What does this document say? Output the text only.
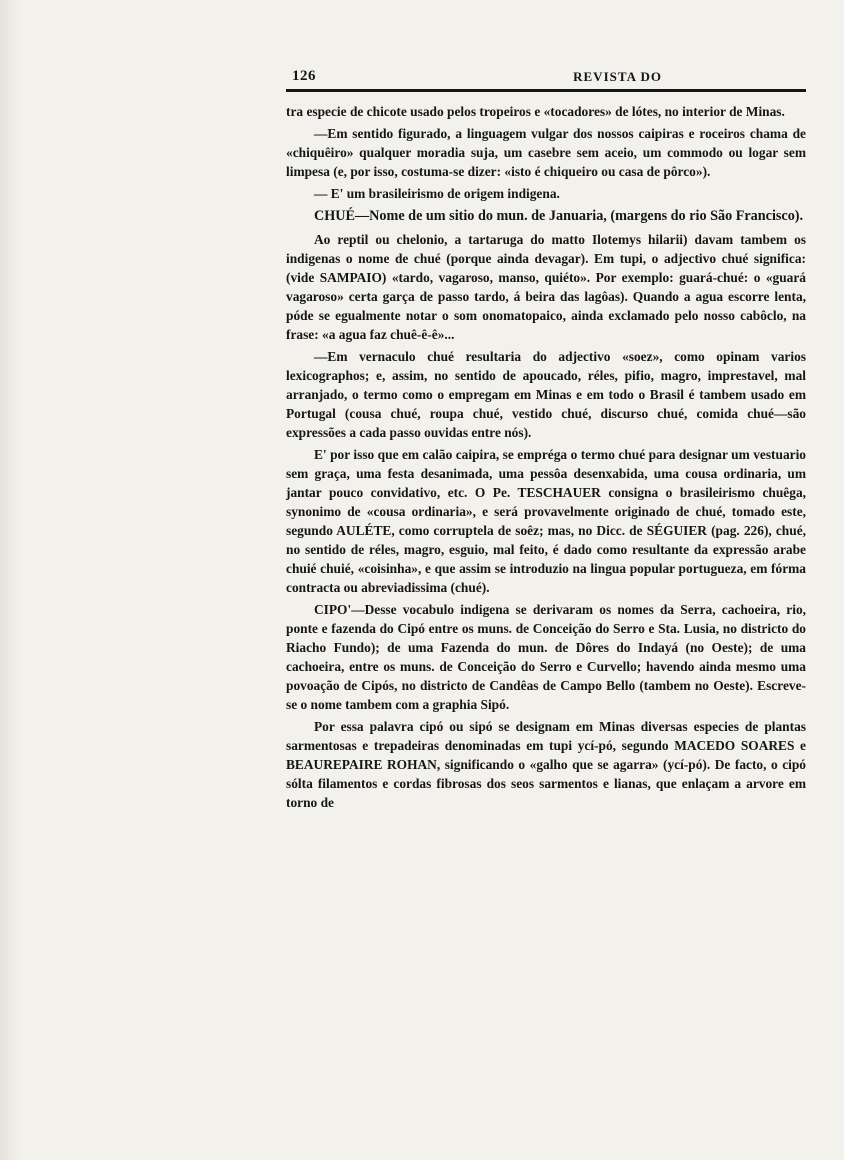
126	REVISTA DO

tra especie de chicote usado pelos tropeiros e «tocadores» de lótes, no interior de Minas.

—Em sentido figurado, a linguagem vulgar dos nossos caipiras e roceiros chama de «chiquêiro» qualquer moradia suja, um casebre sem aceio, um commodo ou logar sem limpesa (e, por isso, costuma-se dizer: «isto é chiqueiro ou casa de pôrco»).

— E' um brasileirismo de origem indigena.

CHUÉ—Nome de um sitio do mun. de Januaria, (margens do rio São Francisco).

Ao reptil ou chelonio, a tartaruga do matto Ilotemys hilarii) davam tambem os indigenas o nome de chué (porque ainda devagar). Em tupi, o adjectivo chué significa: (vide SAMPAIO) «tardo, vagaroso, manso, quiéto». Por exemplo: guará-chué: o «guará vagaroso» certa garça de passo tardo, á beira das lagôas). Quando a agua escorre lenta, póde se egualmente notar o som onomatopaico, ainda exclamado pelo nosso cabôclo, na frase: «a agua faz chuê-ê-ê»...

—Em vernaculo chué resultaria do adjectivo «soez», como opinam varios lexicographos; e, assim, no sentido de apoucado, réles, pifio, magro, imprestavel, mal arranjado, o termo como o empregam em Minas e em todo o Brasil é tambem usado em Portugal (cousa chué, roupa chué, vestido chué, discurso chué, comida chué—são expressões a cada passo ouvidas entre nós).

E' por isso que em calão caipira, se empréga o termo chué para designar um vestuario sem graça, uma festa desanimada, uma pessôa desenxabida, uma cousa ordinaria, um jantar pouco convidativo, etc. O Pe. TESCHAUER consigna o brasileirismo chuêga, synonimo de «cousa ordinaria», e será provavelmente originado de chué, tomado este, segundo AULÉTE, como corruptela de soêz; mas, no Dicc. de SÉGUIER (pag. 226), chué, no sentido de réles, magro, esguio, mal feito, é dado como resultante da expressão arabe chuié chuié, «coisinha», e que assim se introduzio na lingua popular portugueza, em fórma contracta ou abreviadissima (chué).

CIPO'—Desse vocabulo indigena se derivaram os nomes da Serra, cachoeira, rio, ponte e fazenda do Cipó entre os muns. de Conceição do Serro e Sta. Lusia, no districto do Riacho Fundo); de uma Fazenda do mun. de Dôres do Indayá (no Oeste); de uma cachoeira, entre os muns. de Conceição do Serro e Curvello; havendo ainda mesmo uma povoação de Cipós, no districto de Candêas de Campo Bello (tambem no Oeste). Escreve-se o nome tambem com a graphia Sipó.

Por essa palavra cipó ou sipó se designam em Minas diversas especies de plantas sarmentosas e trepadeiras denominadas em tupi ycí-pó, segundo MACEDO SOARES e BEAUREPAIRE ROHAN, significando o «galho que se agarra» (ycí-pó). De facto, o cipó sólta filamentos e cordas fibrosas dos seos sarmentos e lianas, que enlaçam a arvore em torno de
